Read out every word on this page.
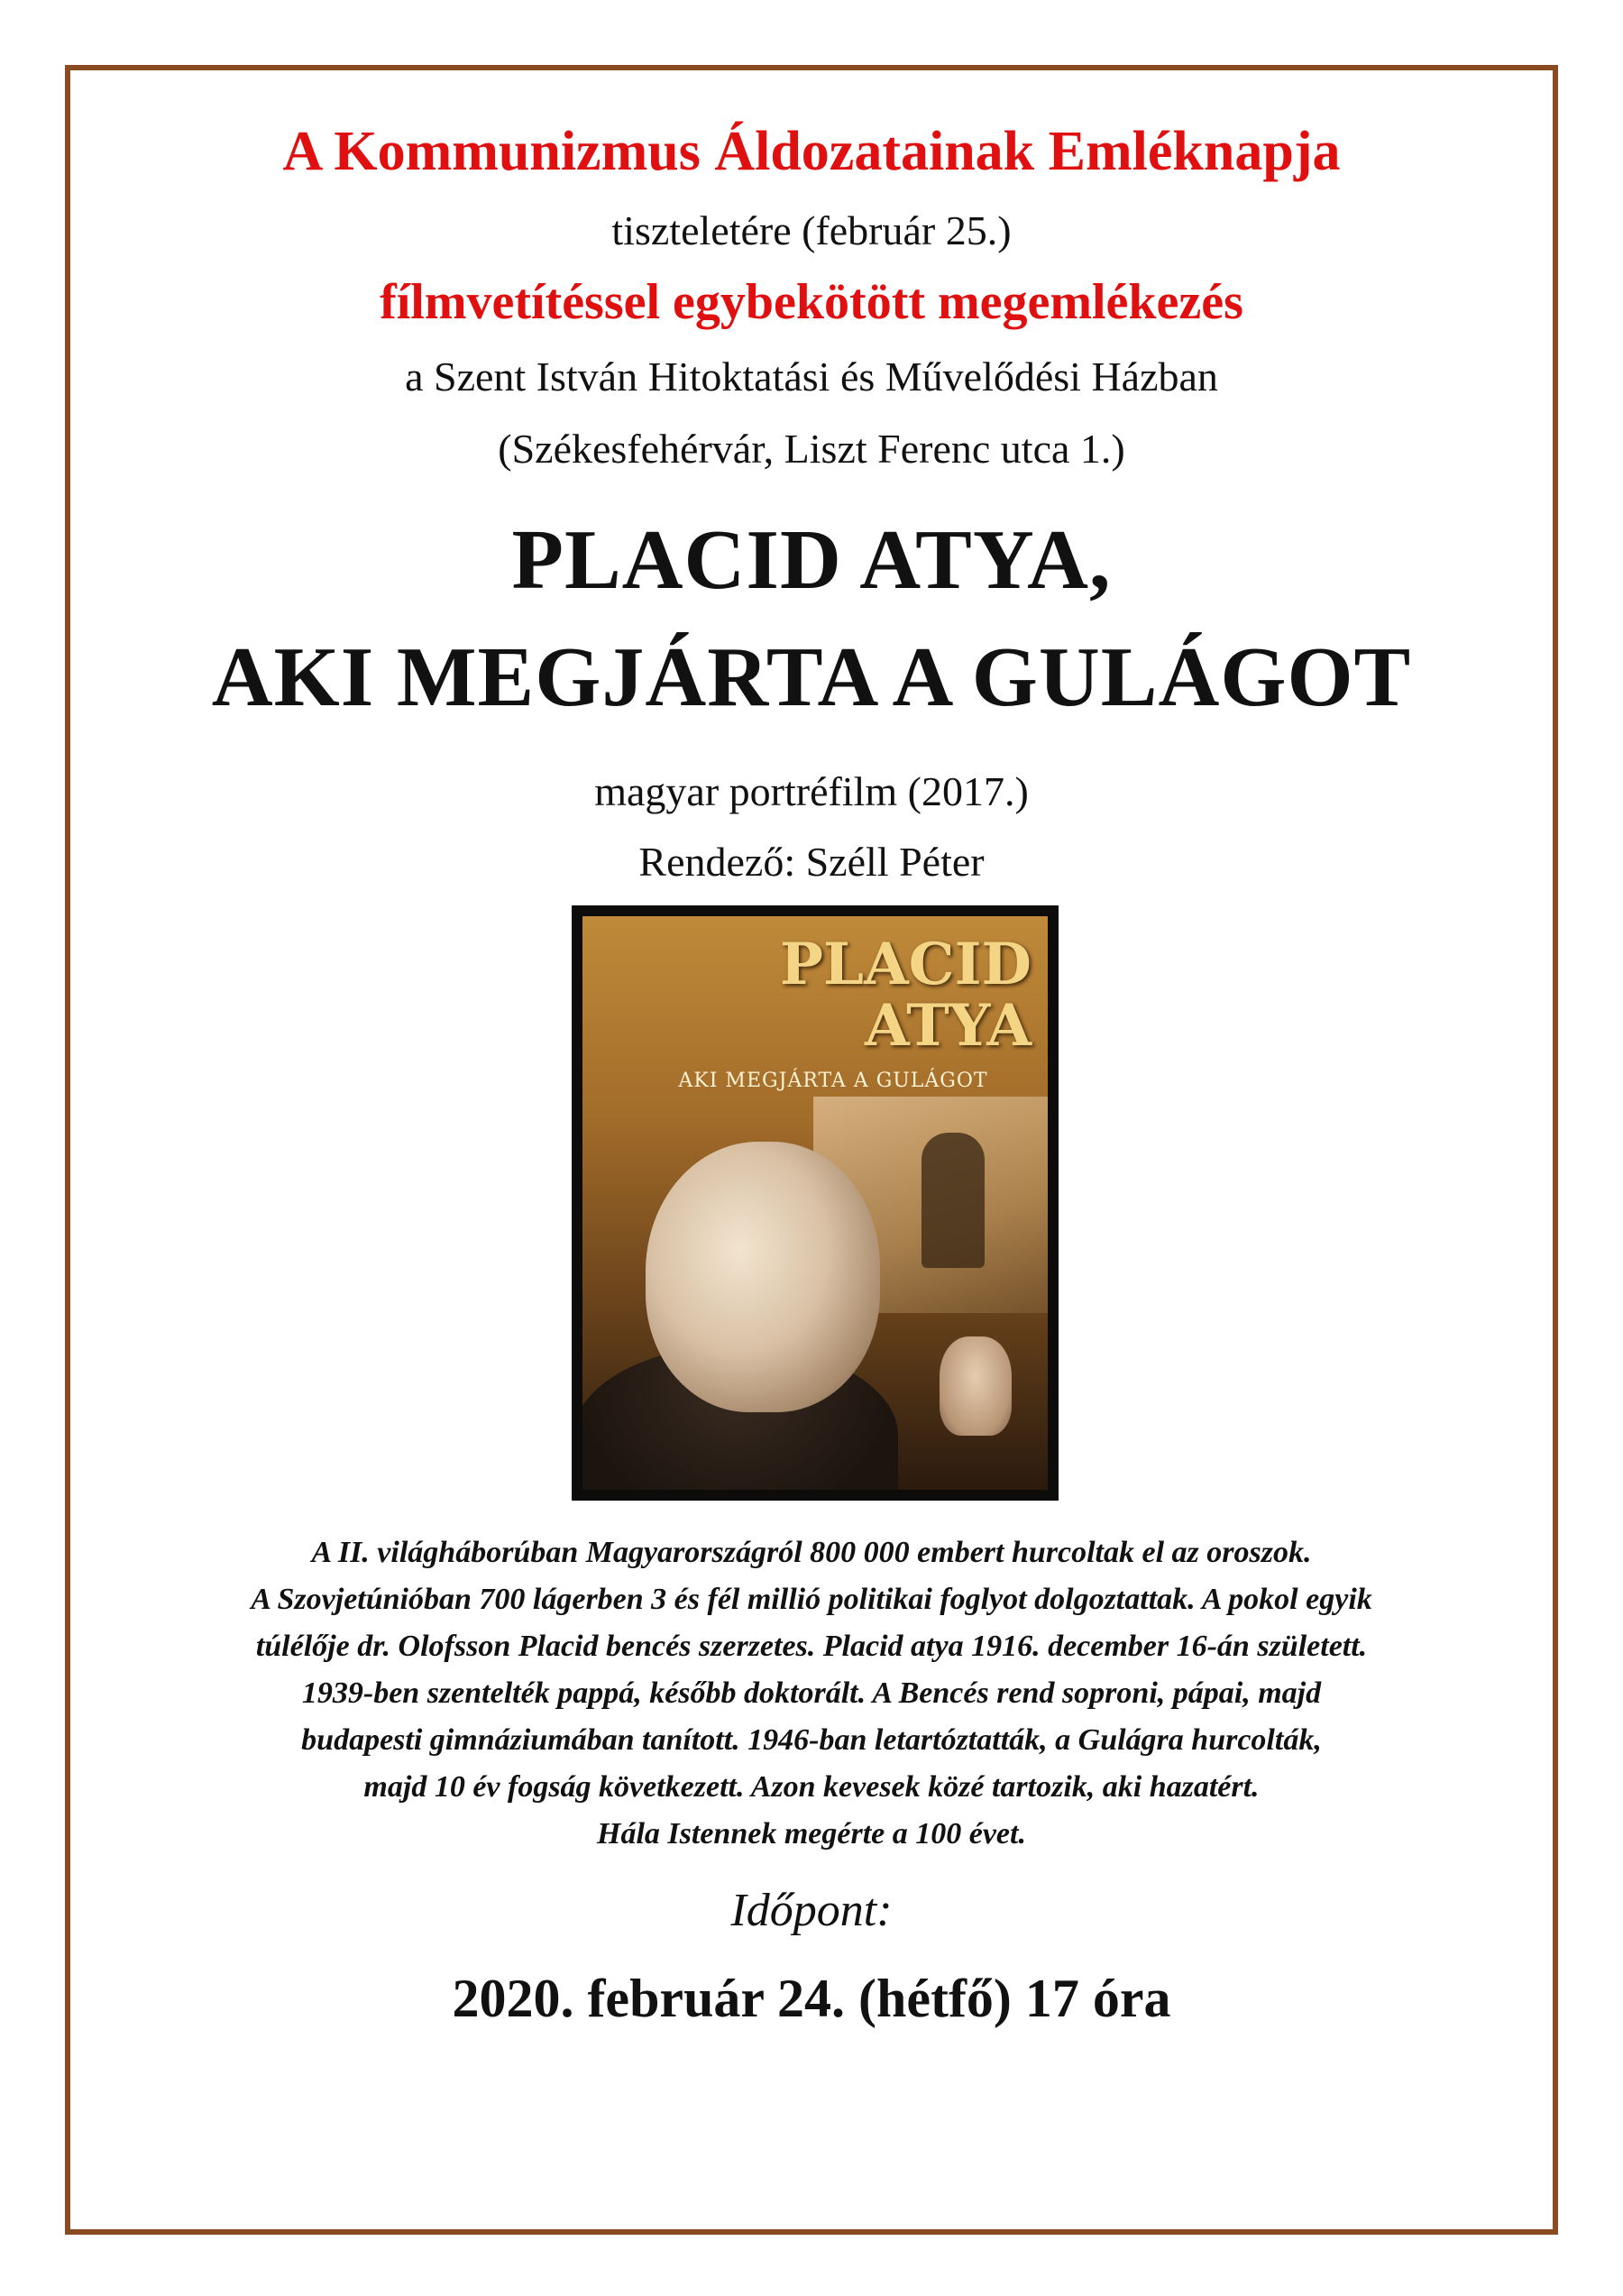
A Kommunizmus Áldozatainak Emléknapja
tiszteletére (február 25.)
fílmvetítéssel egybekötött megemlékezés
a Szent István Hitoktatási és Művelődési Házban
(Székesfehérvár, Liszt Ferenc utca 1.)
PLACID ATYA,
AKI MEGJÁRTA A GULÁGOT
magyar portréfilm (2017.)
Rendező: Széll Péter
PLACID
ATYA
AKI MEGJÁRTA A GULÁGOT
A II. világháborúban Magyarországról 800 000 embert hurcoltak el az oroszok.
A Szovjetúnióban 700 lágerben 3 és fél millió politikai foglyot dolgoztattak. A pokol egyik
túlélője dr. Olofsson Placid bencés szerzetes. Placid atya 1916. december 16-án született.
1939-ben szentelték pappá, később doktorált. A Bencés rend soproni, pápai, majd
budapesti gimnáziumában tanított. 1946-ban letartóztatták, a Gulágra hurcolták,
majd 10 év fogság következett. Azon kevesek közé tartozik, aki hazatért.
Hála Istennek megérte a 100 évet.
Időpont:
2020. február 24. (hétfő) 17 óra
